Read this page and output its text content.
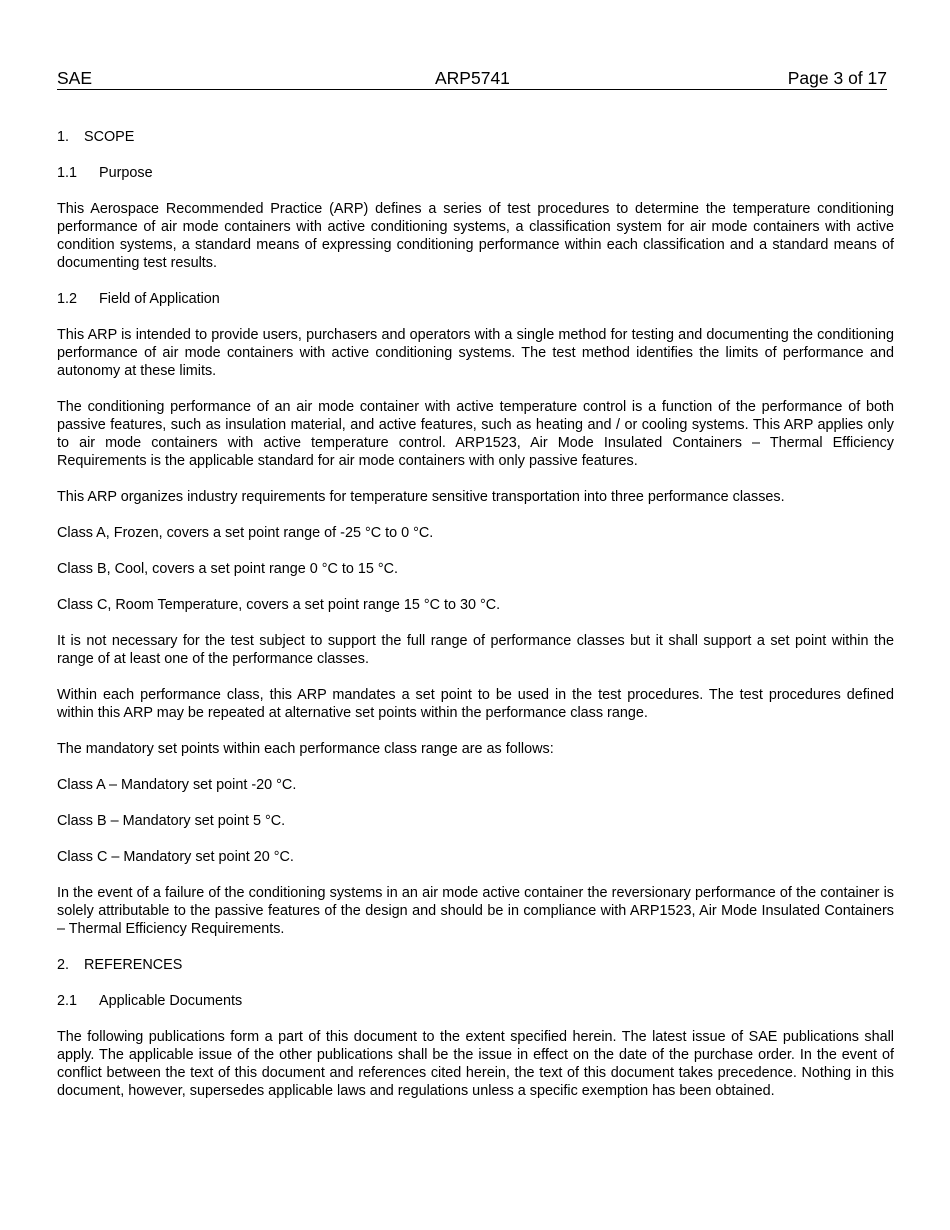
SAE	ARP5741	Page 3 of 17

1. SCOPE

1.1 Purpose

This Aerospace Recommended Practice (ARP) defines a series of test procedures to determine the temperature conditioning performance of air mode containers with active conditioning systems, a classification system for air mode containers with active condition systems, a standard means of expressing conditioning performance within each classification and a standard means of documenting test results.

1.2 Field of Application

This ARP is intended to provide users, purchasers and operators with a single method for testing and documenting the conditioning performance of air mode containers with active conditioning systems. The test method identifies the limits of performance and autonomy at these limits.

The conditioning performance of an air mode container with active temperature control is a function of the performance of both passive features, such as insulation material, and active features, such as heating and / or cooling systems. This ARP applies only to air mode containers with active temperature control. ARP1523, Air Mode Insulated Containers – Thermal Efficiency Requirements is the applicable standard for air mode containers with only passive features.

This ARP organizes industry requirements for temperature sensitive transportation into three performance classes.

Class A, Frozen, covers a set point range of -25 °C to 0 °C.

Class B, Cool, covers a set point range 0 °C to 15 °C.

Class C, Room Temperature, covers a set point range 15 °C to 30 °C.

It is not necessary for the test subject to support the full range of performance classes but it shall support a set point within the range of at least one of the performance classes.

Within each performance class, this ARP mandates a set point to be used in the test procedures. The test procedures defined within this ARP may be repeated at alternative set points within the performance class range.

The mandatory set points within each performance class range are as follows:

Class A – Mandatory set point -20 °C.

Class B – Mandatory set point 5 °C.

Class C – Mandatory set point 20 °C.

In the event of a failure of the conditioning systems in an air mode active container the reversionary performance of the container is solely attributable to the passive features of the design and should be in compliance with ARP1523, Air Mode Insulated Containers – Thermal Efficiency Requirements.

2. REFERENCES

2.1 Applicable Documents

The following publications form a part of this document to the extent specified herein. The latest issue of SAE publications shall apply. The applicable issue of the other publications shall be the issue in effect on the date of the purchase order. In the event of conflict between the text of this document and references cited herein, the text of this document takes precedence. Nothing in this document, however, supersedes applicable laws and regulations unless a specific exemption has been obtained.
